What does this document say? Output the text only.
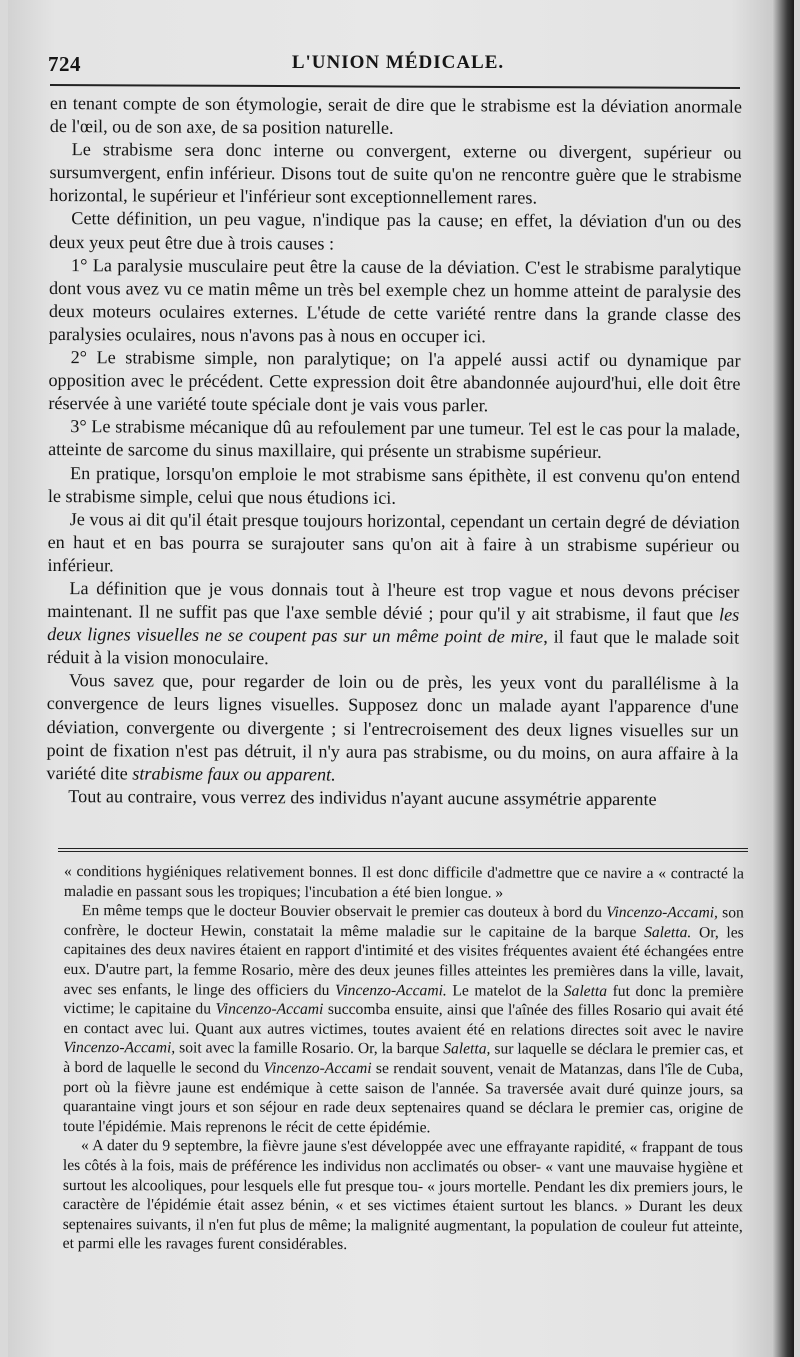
724	L'UNION MÉDICALE.

en tenant compte de son étymologie, serait de dire que le strabisme est la déviation anormale de l'œil, ou de son axe, de sa position naturelle.

Le strabisme sera donc interne ou convergent, externe ou divergent, supérieur ou sursumvergent, enfin inférieur. Disons tout de suite qu'on ne rencontre guère que le strabisme horizontal, le supérieur et l'inférieur sont exceptionnellement rares.

Cette définition, un peu vague, n'indique pas la cause; en effet, la déviation d'un ou des deux yeux peut être due à trois causes :

1° La paralysie musculaire peut être la cause de la déviation. C'est le strabisme paralytique dont vous avez vu ce matin même un très bel exemple chez un homme atteint de paralysie des deux moteurs oculaires externes. L'étude de cette variété rentre dans la grande classe des paralysies oculaires, nous n'avons pas à nous en occuper ici.

2° Le strabisme simple, non paralytique; on l'a appelé aussi actif ou dynamique par opposition avec le précédent. Cette expression doit être abandonnée aujourd'hui, elle doit être réservée à une variété toute spéciale dont je vais vous parler.

3° Le strabisme mécanique dû au refoulement par une tumeur. Tel est le cas pour la malade, atteinte de sarcome du sinus maxillaire, qui présente un strabisme supérieur.

En pratique, lorsqu'on emploie le mot strabisme sans épithète, il est convenu qu'on entend le strabisme simple, celui que nous étudions ici.

Je vous ai dit qu'il était presque toujours horizontal, cependant un certain degré de déviation en haut et en bas pourra se surajouter sans qu'on ait à faire à un strabisme supérieur ou inférieur.

La définition que je vous donnais tout à l'heure est trop vague et nous devons préciser maintenant. Il ne suffit pas que l'axe semble dévié ; pour qu'il y ait strabisme, il faut que les deux lignes visuelles ne se coupent pas sur un même point de mire, il faut que le malade soit réduit à la vision monoculaire.

Vous savez que, pour regarder de loin ou de près, les yeux vont du parallélisme à la convergence de leurs lignes visuelles. Supposez donc un malade ayant l'apparence d'une déviation, convergente ou divergente ; si l'entrecroisement des deux lignes visuelles sur un point de fixation n'est pas détruit, il n'y aura pas strabisme, ou du moins, on aura affaire à la variété dite strabisme faux ou apparent.

Tout au contraire, vous verrez des individus n'ayant aucune assymétrie apparente

« conditions hygiéniques relativement bonnes. Il est donc difficile d'admettre que ce navire a « contracté la maladie en passant sous les tropiques; l'incubation a été bien longue. »

En même temps que le docteur Bouvier observait le premier cas douteux à bord du Vincenzo-Accami, son confrère, le docteur Hewin, constatait la même maladie sur le capitaine de la barque Saletta. Or, les capitaines des deux navires étaient en rapport d'intimité et des visites fréquentes avaient été échangées entre eux. D'autre part, la femme Rosario, mère des deux jeunes filles atteintes les premières dans la ville, lavait, avec ses enfants, le linge des officiers du Vincenzo-Accami. Le matelot de la Saletta fut donc la première victime; le capitaine du Vincenzo-Accami succomba ensuite, ainsi que l'aînée des filles Rosario qui avait été en contact avec lui. Quant aux autres victimes, toutes avaient été en relations directes soit avec le navire Vincenzo-Accami, soit avec la famille Rosario. Or, la barque Saletta, sur laquelle se déclara le premier cas, et à bord de laquelle le second du Vincenzo-Accami se rendait souvent, venait de Matanzas, dans l'île de Cuba, port où la fièvre jaune est endémique à cette saison de l'année. Sa traversée avait duré quinze jours, sa quarantaine vingt jours et son séjour en rade deux septenaires quand se déclara le premier cas, origine de toute l'épidémie. Mais reprenons le récit de cette épidémie.

« A dater du 9 septembre, la fièvre jaune s'est développée avec une effrayante rapidité, « frappant de tous les côtés à la fois, mais de préférence les individus non acclimatés ou obser- « vant une mauvaise hygiène et surtout les alcooliques, pour lesquels elle fut presque tou- « jours mortelle. Pendant les dix premiers jours, le caractère de l'épidémie était assez bénin, « et ses victimes étaient surtout les blancs. » Durant les deux septenaires suivants, il n'en fut plus de même; la malignité augmentant, la population de couleur fut atteinte, et parmi elle les ravages furent considérables.
